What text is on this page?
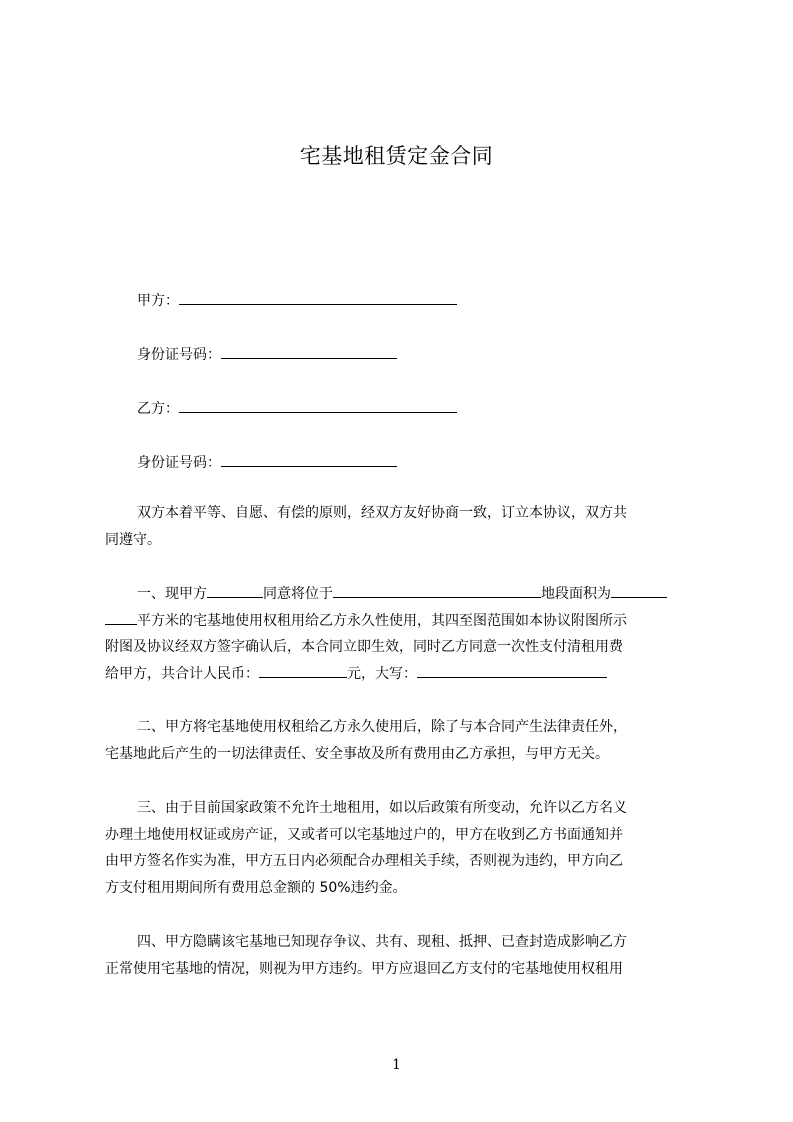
宅基地租赁定金合同
甲方：
身份证号码：
乙方：
身份证号码：
双方本着平等、自愿、有偿的原则，经双方友好协商一致，订立本协议，双方共
同遵守。
一、现甲方	同意将位于	地段面积为
平方米的宅基地使用权租用给乙方永久性使用，其四至图范围如本协议附图所示
附图及协议经双方签字确认后，本合同立即生效，同时乙方同意一次性支付清租用费
给甲方，共合计人民币：	元，大写：
二、甲方将宅基地使用权租给乙方永久使用后，除了与本合同产生法律责任外，
宅基地此后产生的一切法律责任、安全事故及所有费用由乙方承担，与甲方无关。
三、由于目前国家政策不允许土地租用，如以后政策有所变动，允许以乙方名义
办理土地使用权证或房产证，又或者可以宅基地过户的，甲方在收到乙方书面通知并
由甲方签名作实为准，甲方五日内必须配合办理相关手续，否则视为违约，甲方向乙
方支付租用期间所有费用总金额的 50%违约金。
四、甲方隐瞒该宅基地已知现存争议、共有、现租、抵押、已查封造成影响乙方
正常使用宅基地的情况，则视为甲方违约。甲方应退回乙方支付的宅基地使用权租用
1
